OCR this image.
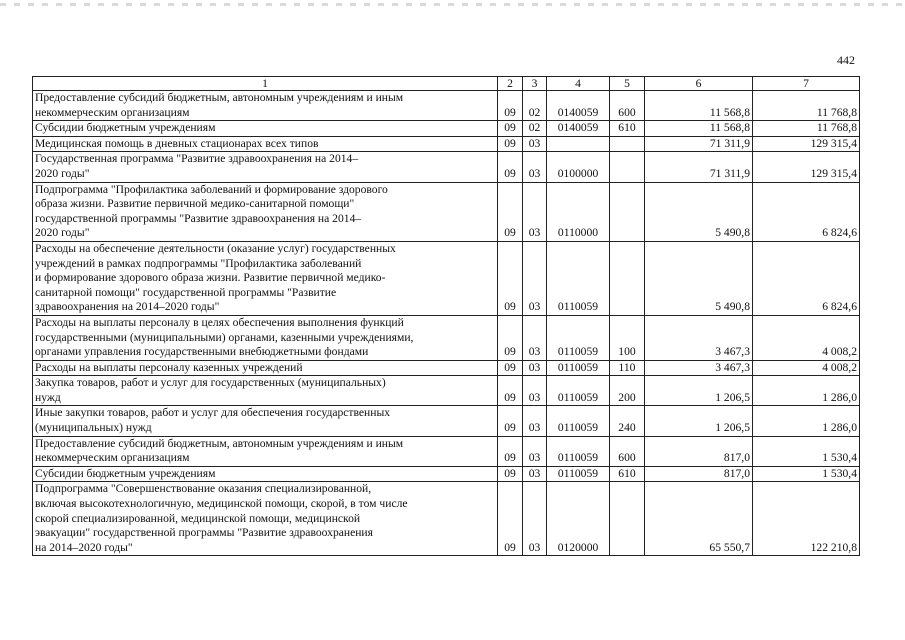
442
1	2	3	4	5	6	7

Предоставление субсидий бюджетным, автономным учреждениям и иным
некоммерческим организациям	09	02	0140059	600	11 568,8	11 768,8

Субсидии бюджетным учреждениям	09	02	0140059	610	11 568,8	11 768,8

Медицинская помощь в дневных стационарах всех типов	09	03			71 311,9	129 315,4

Государственная программа "Развитие здравоохранения на 2014–
2020 годы"	09	03	0100000		71 311,9	129 315,4

Подпрограмма "Профилактика заболеваний и формирование здорового
образа жизни. Развитие первичной медико-санитарной помощи"
государственной программы "Развитие здравоохранения на 2014–
2020 годы"	09	03	0110000		5 490,8	6 824,6

Расходы на обеспечение деятельности (оказание услуг) государственных
учреждений в рамках подпрограммы "Профилактика заболеваний
и формирование здорового образа жизни. Развитие первичной медико-
санитарной помощи" государственной программы "Развитие
здравоохранения на 2014–2020 годы"	09	03	0110059		5 490,8	6 824,6

Расходы на выплаты персоналу в целях обеспечения выполнения функций
государственными (муниципальными) органами, казенными учреждениями,
органами управления государственными внебюджетными фондами	09	03	0110059	100	3 467,3	4 008,2

Расходы на выплаты персоналу казенных учреждений	09	03	0110059	110	3 467,3	4 008,2

Закупка товаров, работ и услуг для государственных (муниципальных)
нужд	09	03	0110059	200	1 206,5	1 286,0

Иные закупки товаров, работ и услуг для обеспечения государственных
(муниципальных) нужд	09	03	0110059	240	1 206,5	1 286,0

Предоставление субсидий бюджетным, автономным учреждениям и иным
некоммерческим организациям	09	03	0110059	600	817,0	1 530,4

Субсидии бюджетным учреждениям	09	03	0110059	610	817,0	1 530,4

Подпрограмма "Совершенствование оказания специализированной,
включая высокотехнологичную, медицинской помощи, скорой, в том числе
скорой специализированной, медицинской помощи, медицинской
эвакуации" государственной программы "Развитие здравоохранения
на 2014–2020 годы"	09	03	0120000		65 550,7	122 210,8
